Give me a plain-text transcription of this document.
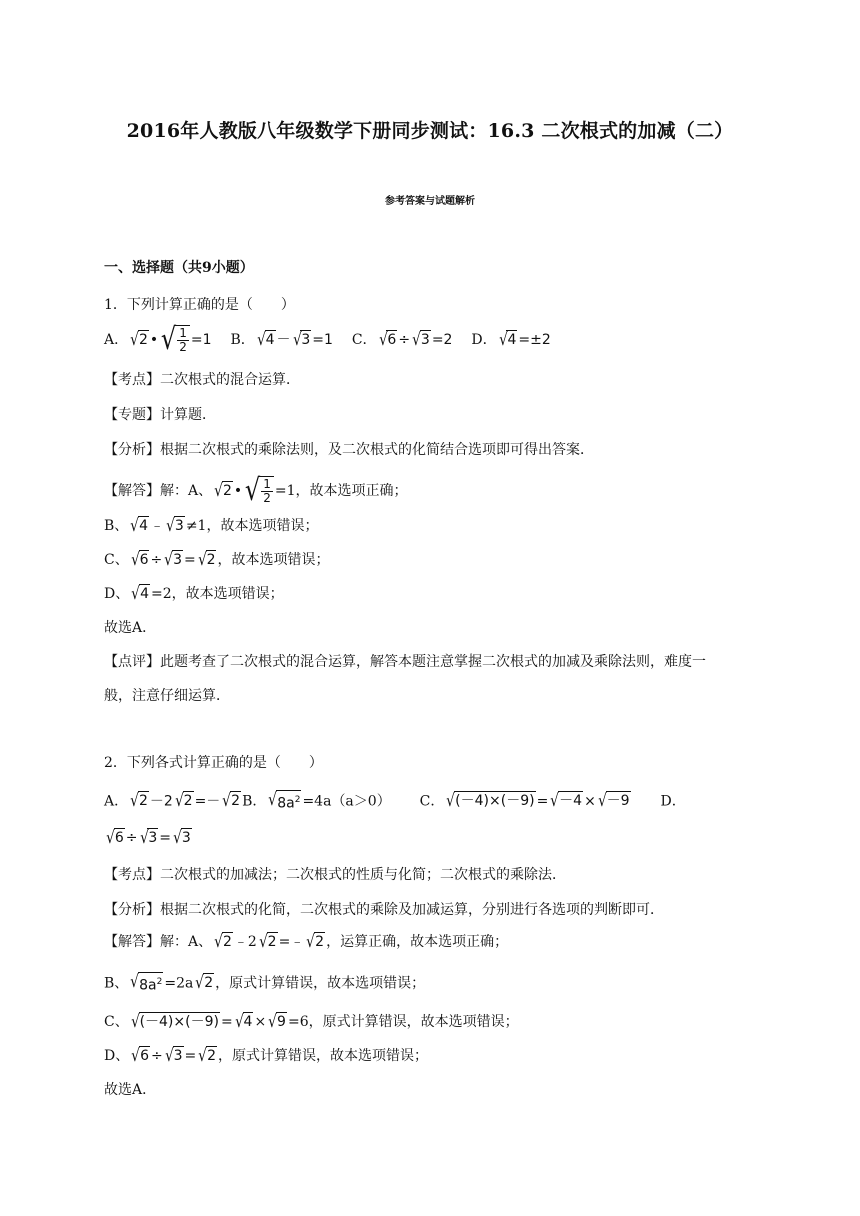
2016年人教版八年级数学下册同步测试：16.3 二次根式的加减（二）
参考答案与试题解析
一、选择题（共9小题）
1．下列计算正确的是（　　）
A． √ 2 • √ $\frac{1}{2} =1$ B． √ 4 － √ 3 =1 C． √ 6 ÷ √ 3 =2 D． √ 4 =±2
【考点】二次根式的混合运算．
【专题】计算题．
【分析】根据二次根式的乘除法则，及二次根式的化简结合选项即可得出答案．
【解答】解：A、 √ 2 • √ $\frac{1}{2} =1$，故本选项正确；
B、 √ 4 ﹣ √ 3 ≠1，故本选项错误；
C、 √ 6 ÷ √ 3 = √ 2 ，故本选项错误；
D、 √ 4 =2，故本选项错误；
故选A．
【点评】此题考查了二次根式的混合运算，解答本题注意掌握二次根式的加减及乘除法则，难度一
般，注意仔细运算．
2．下列各式计算正确的是（　　）
A． √ 2 －2 √ 2 =－ √ 2 B． √ $8a^2 =4a(a>0)$ C． √ (－4)×(－9) = √ －4 × √ －9 D．
√ 6 ÷ √ 3 = √ 3
【考点】二次根式的加减法；二次根式的性质与化简；二次根式的乘除法．
【分析】根据二次根式的化简，二次根式的乘除及加减运算，分别进行各选项的判断即可．
【解答】解：A、 √ 2 ﹣2 √ 2 =﹣ √ 2 ，运算正确，故本选项正确；
B、 √ $8a^2 =2a$ √ 2 ，原式计算错误，故本选项错误；
C、 √ (－4)×(－9) = √ 4 × √ 9 =6，原式计算错误，故本选项错误；
D、 √ 6 ÷ √ 3 = √ 2 ，原式计算错误，故本选项错误；
故选A．
